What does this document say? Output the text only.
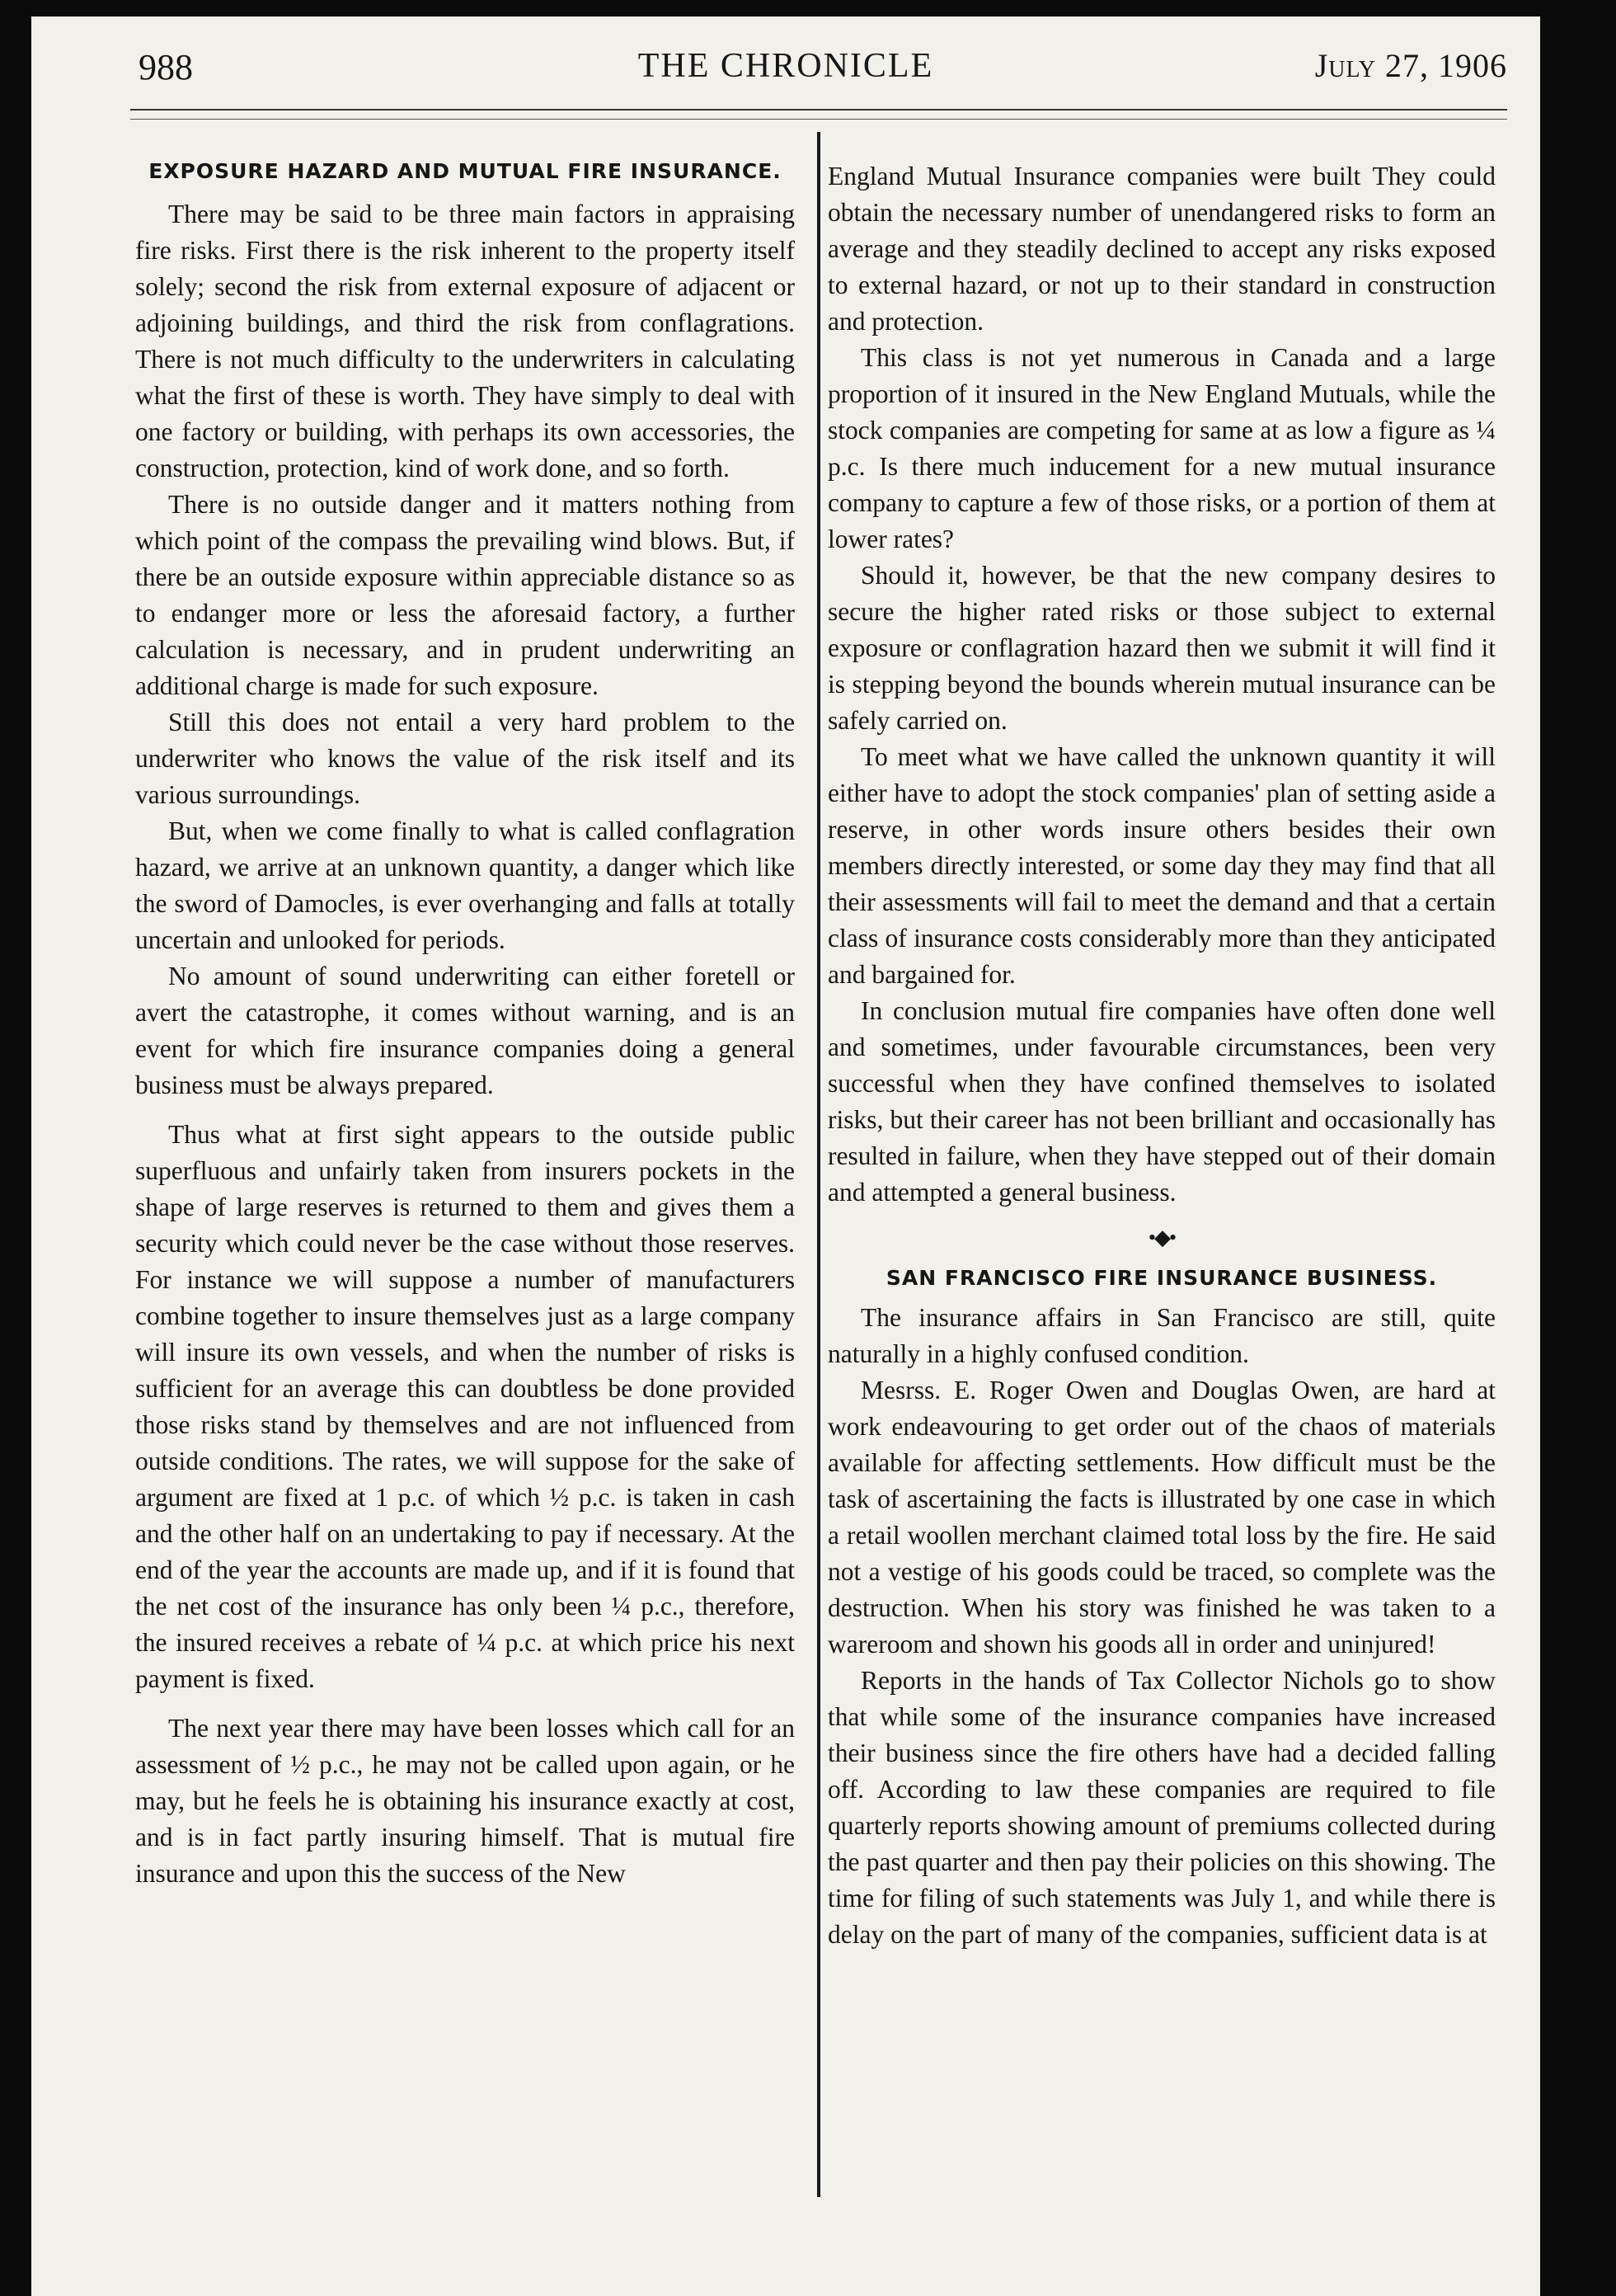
988	THE CHRONICLE	July 27, 1906
EXPOSURE HAZARD AND MUTUAL FIRE INSURANCE.

There may be said to be three main factors in appraising fire risks. First there is the risk inherent to the property itself solely; second the risk from external exposure of adjacent or adjoining buildings, and third the risk from conflagrations. There is not much difficulty to the underwriters in calculating what the first of these is worth. They have simply to deal with one factory or building, with perhaps its own accessories, the construction, protection, kind of work done, and so forth.

There is no outside danger and it matters nothing from which point of the compass the prevailing wind blows. But, if there be an outside exposure within appreciable distance so as to endanger more or less the aforesaid factory, a further calculation is necessary, and in prudent underwriting an additional charge is made for such exposure.

Still this does not entail a very hard problem to the underwriter who knows the value of the risk itself and its various surroundings.

But, when we come finally to what is called conflagration hazard, we arrive at an unknown quantity, a danger which like the sword of Damocles, is ever overhanging and falls at totally uncertain and unlooked for periods.

No amount of sound underwriting can either foretell or avert the catastrophe, it comes without warning, and is an event for which fire insurance companies doing a general business must be always prepared.

Thus what at first sight appears to the outside public superfluous and unfairly taken from insurers pockets in the shape of large reserves is returned to them and gives them a security which could never be the case without those reserves. For instance we will suppose a number of manufacturers combine together to insure themselves just as a large company will insure its own vessels, and when the number of risks is sufficient for an average this can doubtless be done provided those risks stand by themselves and are not influenced from outside conditions. The rates, we will suppose for the sake of argument are fixed at 1 p.c. of which ½ p.c. is taken in cash and the other half on an undertaking to pay if necessary. At the end of the year the accounts are made up, and if it is found that the net cost of the insurance has only been ¼ p.c., therefore, the insured receives a rebate of ¼ p.c. at which price his next payment is fixed.

The next year there may have been losses which call for an assessment of ½ p.c., he may not be called upon again, or he may, but he feels he is obtaining his insurance exactly at cost, and is in fact partly insuring himself. That is mutual fire insurance and upon this the success of the New

England Mutual Insurance companies were built They could obtain the necessary number of unendangered risks to form an average and they steadily declined to accept any risks exposed to external hazard, or not up to their standard in construction and protection.

This class is not yet numerous in Canada and a large proportion of it insured in the New England Mutuals, while the stock companies are competing for same at as low a figure as ¼ p.c. Is there much inducement for a new mutual insurance company to capture a few of those risks, or a portion of them at lower rates?

Should it, however, be that the new company desires to secure the higher rated risks or those subject to external exposure or conflagration hazard then we submit it will find it is stepping beyond the bounds wherein mutual insurance can be safely carried on.

To meet what we have called the unknown quantity it will either have to adopt the stock companies' plan of setting aside a reserve, in other words insure others besides their own members directly interested, or some day they may find that all their assessments will fail to meet the demand and that a certain class of insurance costs considerably more than they anticipated and bargained for.

In conclusion mutual fire companies have often done well and sometimes, under favourable circumstances, been very successful when they have confined themselves to isolated risks, but their career has not been brilliant and occasionally has resulted in failure, when they have stepped out of their domain and attempted a general business.

•◆•
SAN FRANCISCO FIRE INSURANCE BUSINESS.

The insurance affairs in San Francisco are still, quite naturally in a highly confused condition.

Mesrss. E. Roger Owen and Douglas Owen, are hard at work endeavouring to get order out of the chaos of materials available for affecting settlements. How difficult must be the task of ascertaining the facts is illustrated by one case in which a retail woollen merchant claimed total loss by the fire. He said not a vestige of his goods could be traced, so complete was the destruction. When his story was finished he was taken to a wareroom and shown his goods all in order and uninjured!

Reports in the hands of Tax Collector Nichols go to show that while some of the insurance companies have increased their business since the fire others have had a decided falling off. According to law these companies are required to file quarterly reports showing amount of premiums collected during the past quarter and then pay their policies on this showing. The time for filing of such statements was July 1, and while there is delay on the part of many of the companies, sufficient data is at
